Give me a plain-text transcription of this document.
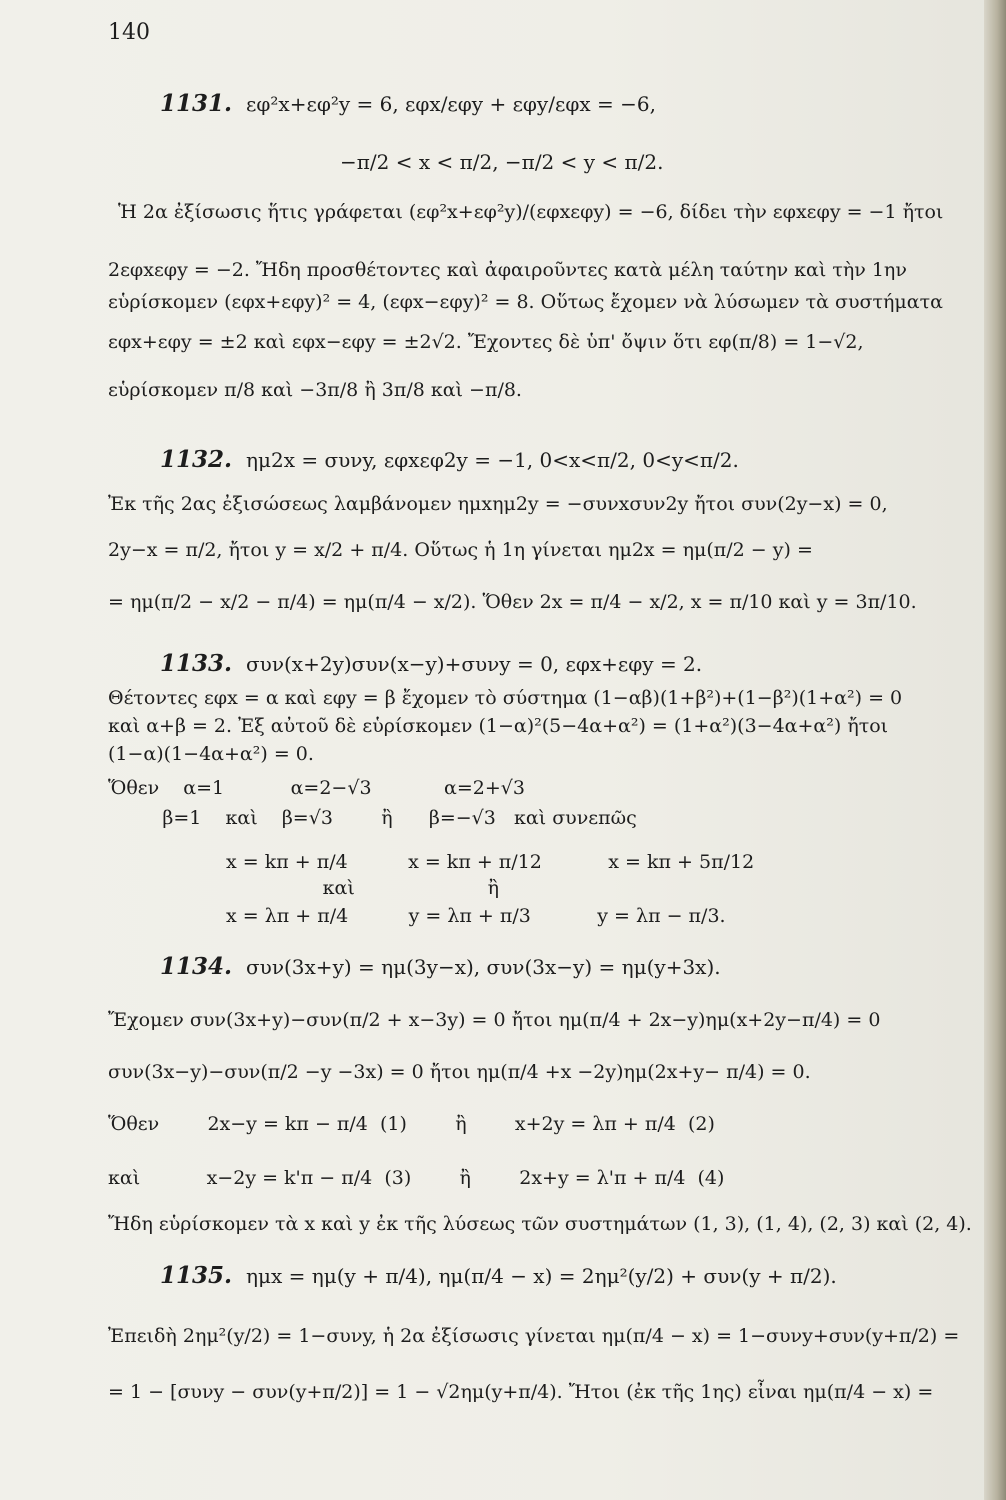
140
1131. εφ²x+εφ²y = 6, εφx/εφy + εφy/εφx = −6,
−π/2 < x < π/2, −π/2 < y < π/2.
Ἡ 2α ἐξίσωσις ἥτις γράφεται (εφ²x+εφ²y)/(εφxεφy) = −6, δίδει τὴν εφxεφy = −1 ἤτοι
2εφxεφy = −2. Ἤδη προσθέτοντες καὶ ἀφαιροῦντες κατὰ μέλη ταύτην καὶ τὴν 1ην
εὑρίσκομεν (εφx+εφy)² = 4, (εφx−εφy)² = 8. Οὕτως ἔχομεν νὰ λύσωμεν τὰ συστήματα
εφx+εφy = ±2 καὶ εφx−εφy = ±2√2. Ἔχοντες δὲ ὑπ' ὄψιν ὅτι εφ(π/8) = 1−√2,
εὑρίσκομεν π/8 καὶ −3π/8 ἢ 3π/8 καὶ −π/8.
1132. ημ2x = συνy, εφxεφ2y = −1, 0<x<π/2, 0<y<π/2.
Ἐκ τῆς 2ας ἐξισώσεως λαμβάνομεν ημxημ2y = −συνxσυν2y ἤτοι συν(2y−x) = 0,
2y−x = π/2, ἤτοι y = x/2 + π/4. Οὕτως ἡ 1η γίνεται ημ2x = ημ(π/2 − y) =
= ημ(π/2 − x/2 − π/4) = ημ(π/4 − x/2). Ὅθεν 2x = π/4 − x/2, x = π/10 καὶ y = 3π/10.
1133. συν(x+2y)συν(x−y)+συνy = 0, εφx+εφy = 2.
Θέτοντες εφx = α καὶ εφy = β ἔχομεν τὸ σύστημα (1−αβ)(1+β²)+(1−β²)(1+α²) = 0
καὶ α+β = 2. Ἐξ αὐτοῦ δὲ εὑρίσκομεν (1−α)²(5−4α+α²) = (1+α²)(3−4α+α²) ἤτοι
(1−α)(1−4α+α²) = 0.
Ὅθεν    α=1           α=2−√3            α=2+√3
β=1    καὶ    β=√3        ἢ      β=−√3   καὶ συνεπῶς
x = kπ + π/4          x = kπ + π/12           x = kπ + 5π/12
καὶ                      ἢ
x = λπ + π/4          y = λπ + π/3           y = λπ − π/3.
1134. συν(3x+y) = ημ(3y−x), συν(3x−y) = ημ(y+3x).
Ἔχομεν συν(3x+y)−συν(π/2 + x−3y) = 0 ἤτοι ημ(π/4 + 2x−y)ημ(x+2y−π/4) = 0
συν(3x−y)−συν(π/2 −y −3x) = 0 ἤτοι ημ(π/4 +x −2y)ημ(2x+y− π/4) = 0.
Ὅθεν        2x−y = kπ − π/4  (1)        ἢ        x+2y = λπ + π/4  (2)
καὶ           x−2y = k'π − π/4  (3)        ἢ        2x+y = λ'π + π/4  (4)
Ἤδη εὑρίσκομεν τὰ x καὶ y ἐκ τῆς λύσεως τῶν συστημάτων (1, 3), (1, 4), (2, 3) καὶ (2, 4).
1135. ημx = ημ(y + π/4), ημ(π/4 − x) = 2ημ²(y/2) + συν(y + π/2).
Ἐπειδὴ 2ημ²(y/2) = 1−συνy, ἡ 2α ἐξίσωσις γίνεται ημ(π/4 − x) = 1−συνy+συν(y+π/2) =
= 1 − [συνy − συν(y+π/2)] = 1 − √2ημ(y+π/4). Ἤτοι (ἐκ τῆς 1ης) εἶναι ημ(π/4 − x) =
